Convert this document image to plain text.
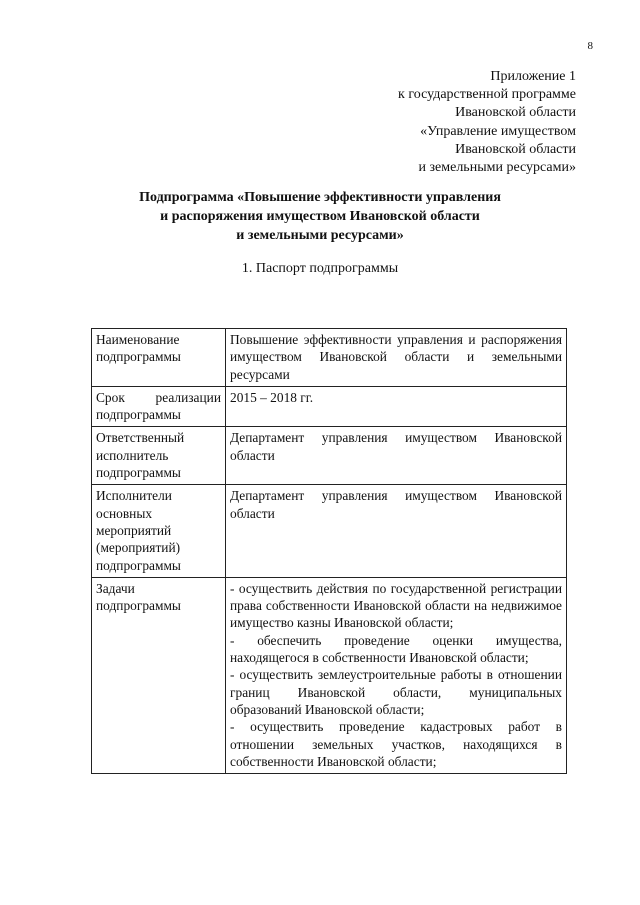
8
Приложение 1
к государственной программе
Ивановской области
«Управление имуществом
Ивановской области
и земельными ресурсами»
Подпрограмма «Повышение эффективности управления
и распоряжения имуществом Ивановской области
и земельными ресурсами»
1. Паспорт подпрограммы
Наименование подпрограммы	Повышение эффективности управления и распоряжения имуществом Ивановской области и земельными ресурсами
Срок реализации подпрограммы	2015 – 2018 гг.
Ответственный исполнитель подпрограммы	Департамент управления имуществом Ивановской области
Исполнители основных мероприятий (мероприятий) подпрограммы	Департамент управления имуществом Ивановской области
Задачи подпрограммы	- осуществить действия по государственной регистрации права собственности Ивановской области на недвижимое имущество казны Ивановской области;
- обеспечить проведение оценки имущества, находящегося в собственности Ивановской области;
- осуществить землеустроительные работы в отношении границ Ивановской области, муниципальных образований Ивановской области;
- осуществить проведение кадастровых работ в отношении земельных участков, находящихся в собственности Ивановской области;
